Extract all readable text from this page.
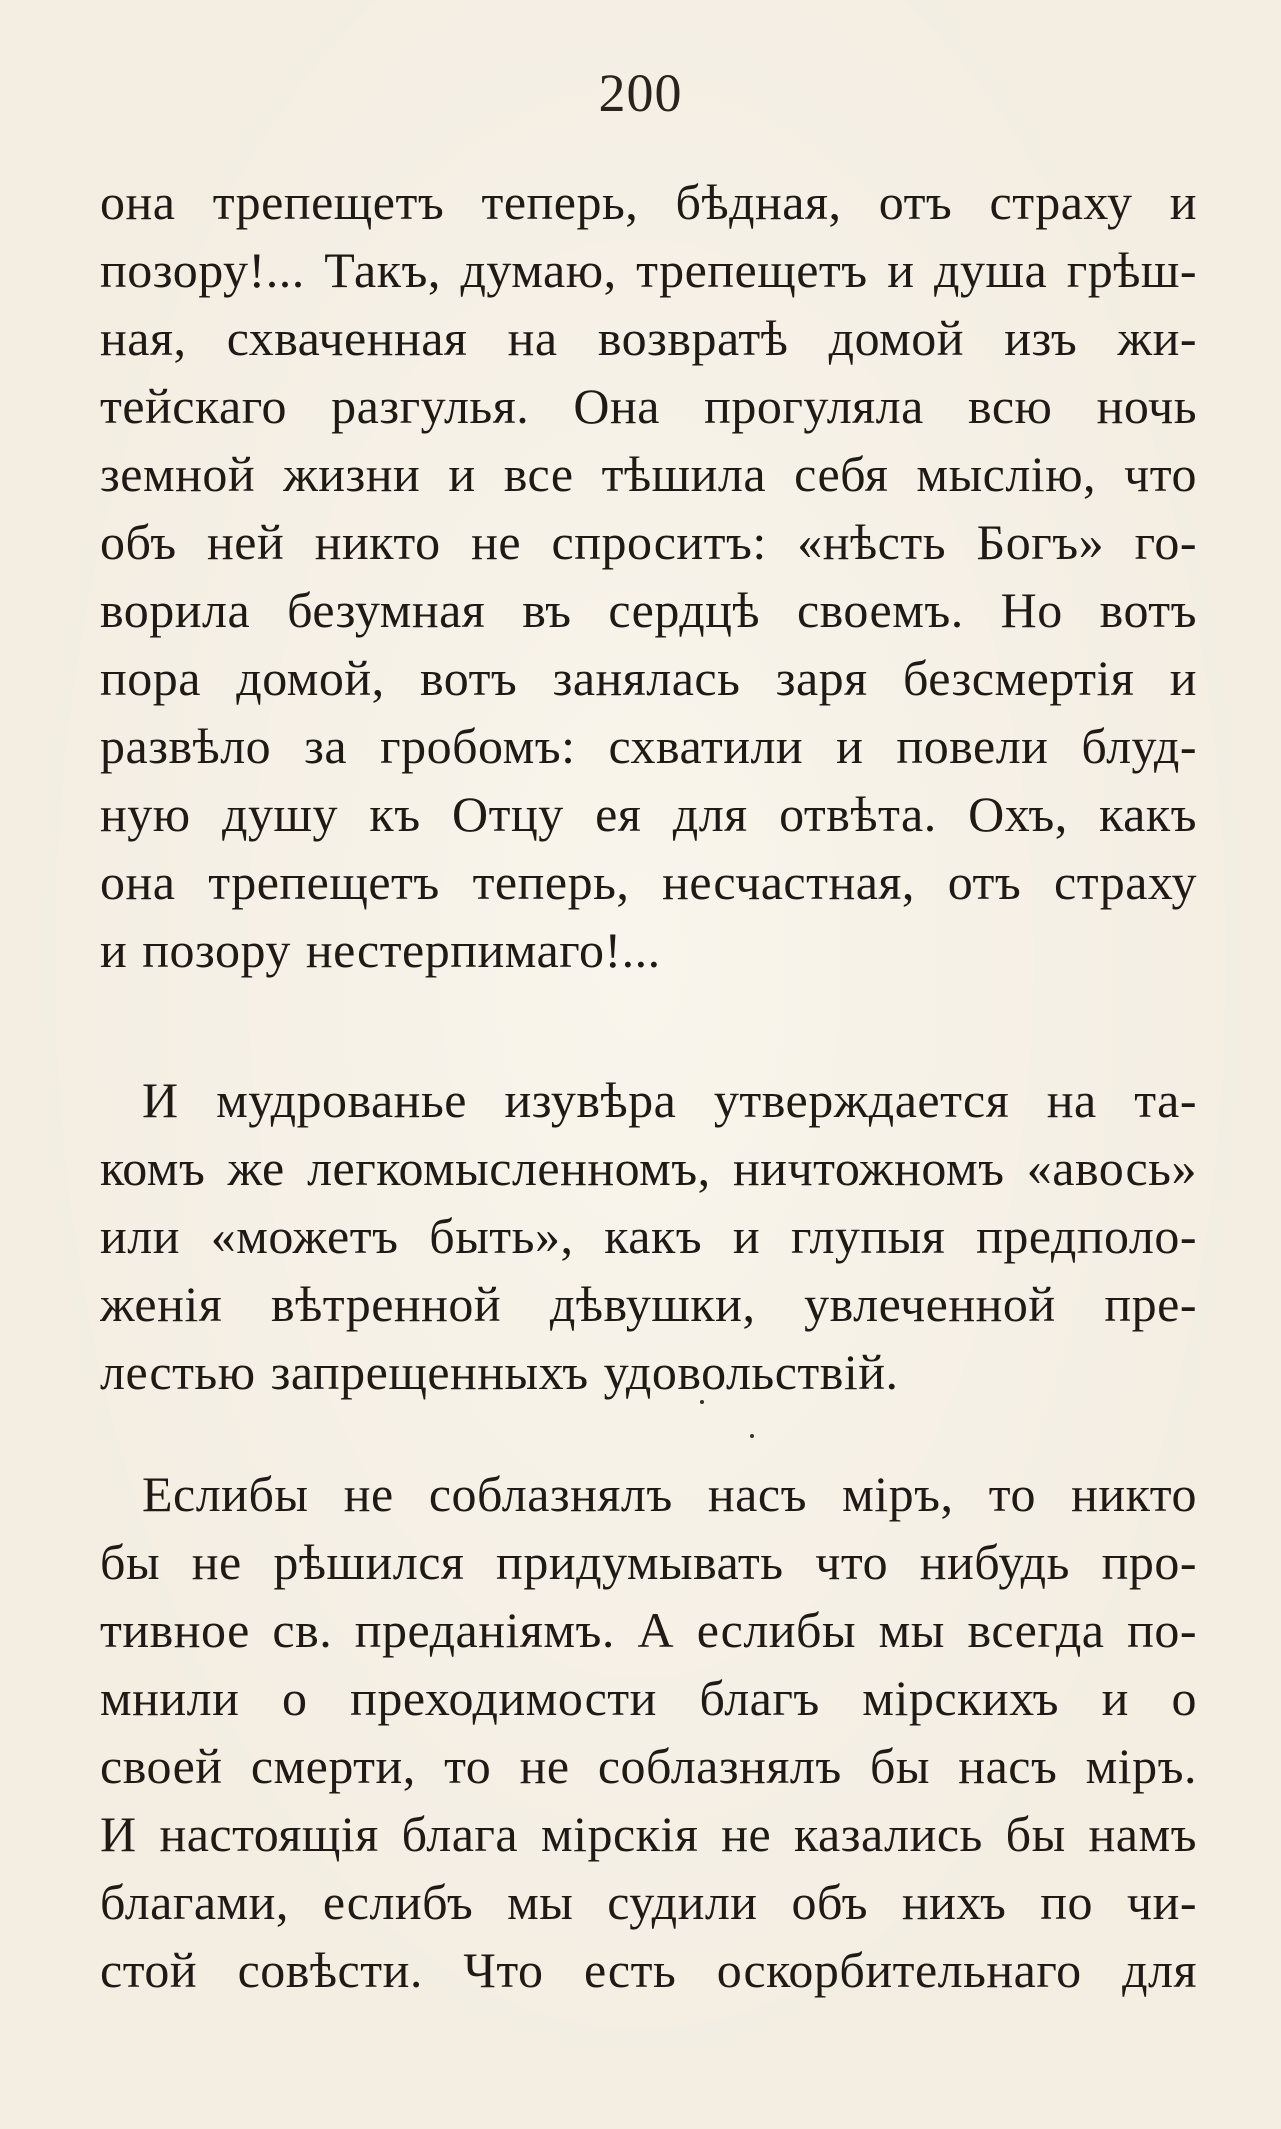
200
она трепещетъ теперь, бѣдная, отъ страху и
позору!... Такъ, думаю, трепещетъ и душа грѣш-
ная, схваченная на возвратѣ домой изъ жи-
тейскаго разгулья. Она прогуляла всю ночь
земной жизни и все тѣшила себя мыслію, что
объ ней никто не спроситъ: «нѣсть Богъ» го-
ворила безумная въ сердцѣ своемъ. Но вотъ
пора домой, вотъ занялась заря безсмертія и
развѣло за гробомъ: схватили и повели блуд-
ную душу къ Отцу ея для отвѣта. Охъ, какъ
она трепещетъ теперь, несчастная, отъ страху
и позору нестерпимаго!...
И мудрованье изувѣра утверждается на та-
комъ же легкомысленномъ, ничтожномъ «авось»
или «можетъ быть», какъ и глупыя предполо-
женія вѣтренной дѣвушки, увлеченной пре-
лестью запрещенныхъ удовольствій.
Еслибы не соблазнялъ насъ міръ, то никто
бы не рѣшился придумывать что нибудь про-
тивное св. преданіямъ. А еслибы мы всегда по-
мнили о преходимости благъ мірскихъ и о
своей смерти, то не соблазнялъ бы насъ міръ.
И настоящія блага мірскія не казались бы намъ
благами, еслибъ мы судили объ нихъ по чи-
стой совѣсти. Что есть оскорбительнаго для
